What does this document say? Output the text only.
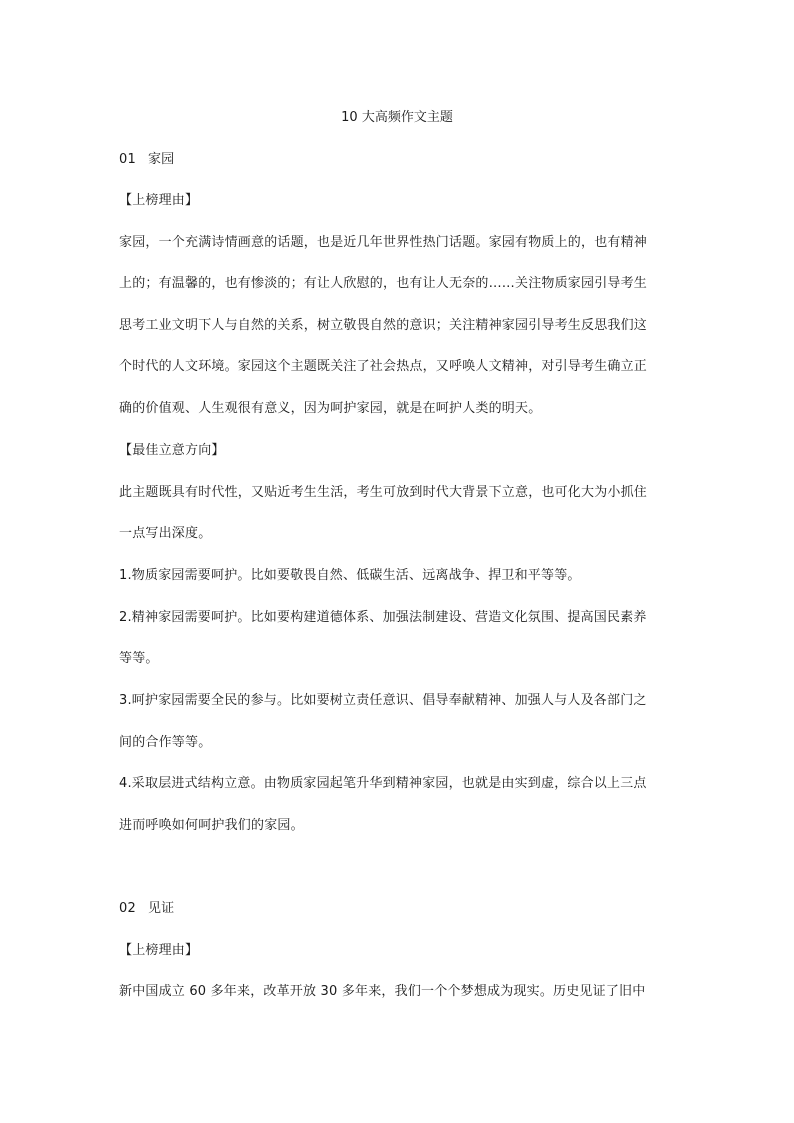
10 大高频作文主题
01 家园
【上榜理由】
家园，一个充满诗情画意的话题，也是近几年世界性热门话题。家园有物质上的，也有精神
上的；有温馨的，也有惨淡的；有让人欣慰的，也有让人无奈的……关注物质家园引导考生
思考工业文明下人与自然的关系，树立敬畏自然的意识；关注精神家园引导考生反思我们这
个时代的人文环境。家园这个主题既关注了社会热点，又呼唤人文精神，对引导考生确立正
确的价值观、人生观很有意义，因为呵护家园，就是在呵护人类的明天。
【最佳立意方向】
此主题既具有时代性，又贴近考生生活，考生可放到时代大背景下立意，也可化大为小抓住
一点写出深度。
1.物质家园需要呵护。比如要敬畏自然、低碳生活、远离战争、捍卫和平等等。
2.精神家园需要呵护。比如要构建道德体系、加强法制建设、营造文化氛围、提高国民素养
等等。
3.呵护家园需要全民的参与。比如要树立责任意识、倡导奉献精神、加强人与人及各部门之
间的合作等等。
4.采取层进式结构立意。由物质家园起笔升华到精神家园，也就是由实到虚，综合以上三点
进而呼唤如何呵护我们的家园。
02 见证
【上榜理由】
新中国成立 60 多年来，改革开放 30 多年来，我们一个个梦想成为现实。历史见证了旧中
